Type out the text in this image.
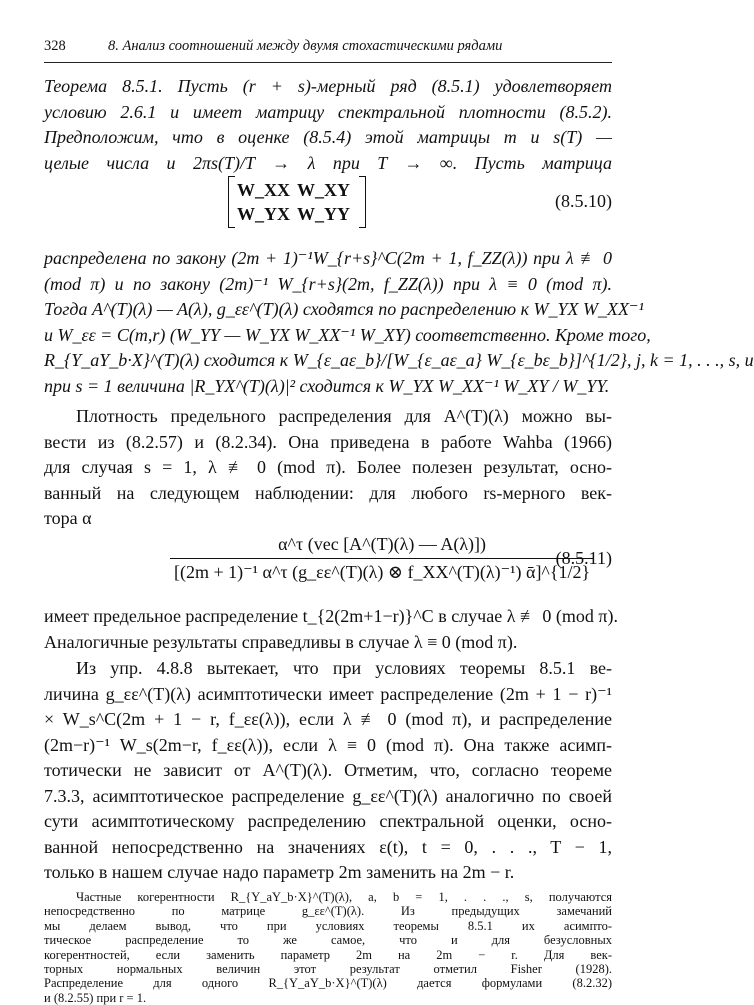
328	8. Анализ соотношений между двумя стохастическими рядами
Теорема 8.5.1. Пусть (r + s)-мерный ряд (8.5.1) удовлетворяет
условию 2.6.1 и имеет матрицу спектральной плотности (8.5.2).
Предположим, что в оценке (8.5.4) этой матрицы m и s(T) —
целые числа и 2πs(T)/T → λ при T → ∞. Пусть матрица
W_XX W_XY
W_YX W_YY
(8.5.10)
распределена по закону (2m + 1)⁻¹W_{r+s}^C(2m + 1, f_ZZ(λ)) при λ ≢ 0
(mod π) и по закону (2m)⁻¹ W_{r+s}(2m, f_ZZ(λ)) при λ ≡ 0 (mod π).
Тогда A^(T)(λ) — A(λ), g_εε^(T)(λ) сходятся по распределению к W_YX W_XX⁻¹
и W_εε = C(m,r) (W_YY — W_YX W_XX⁻¹ W_XY) соответственно. Кроме того,
R_{Y_aY_b·X}^(T)(λ) сходится к W_{ε_aε_b}/[W_{ε_aε_a} W_{ε_bε_b}]^{1/2}, j, k = 1, . . ., s, и
при s = 1 величина |R_YX^(T)(λ)|² сходится к W_YX W_XX⁻¹ W_XY / W_YY.
Плотность предельного распределения для A^(T)(λ) можно вы-
вести из (8.2.57) и (8.2.34). Она приведена в работе Wahba (1966)
для случая s = 1, λ ≢ 0 (mod π). Более полезен результат, осно-
ванный на следующем наблюдении: для любого rs-мерного век-
тора α
$\frac{\text{α\textasciicircum{}τ (vec [A\textasciicircum{}(T)(λ) — A(λ)])}}{\text{[(2m + 1)⁻¹ α\textasciicircum{}τ (g\_εε\textasciicircum{}(T)(λ) ⊗ f\_XX\textasciicircum{}(T)(λ)⁻¹) ᾱ]\textasciicircum{}\{1/2\}}}$
(8.5.11)
имеет предельное распределение t_{2(2m+1−r)}^C в случае λ ≢ 0 (mod π).
Аналогичные результаты справедливы в случае λ ≡ 0 (mod π).
Из упр. 4.8.8 вытекает, что при условиях теоремы 8.5.1 ве-
личина g_εε^(T)(λ) асимптотически имеет распределение (2m + 1 − r)⁻¹
× W_s^C(2m + 1 − r, f_εε(λ)), если λ ≢ 0 (mod π), и распределение
(2m−r)⁻¹ W_s(2m−r, f_εε(λ)), если λ ≡ 0 (mod π). Она также асимп-
тотически не зависит от A^(T)(λ). Отметим, что, согласно теореме
7.3.3, асимптотическое распределение g_εε^(T)(λ) аналогично по своей
сути асимптотическому распределению спектральной оценки, осно-
ванной непосредственно на значениях ε(t), t = 0, . . ., T − 1,
только в нашем случае надо параметр 2m заменить на 2m − r.
Частные когерентности R_{Y_aY_b·X}^(T)(λ), a, b = 1, . . ., s, получаются
непосредственно по матрице g_εε^(T)(λ). Из предыдущих замечаний
мы делаем вывод, что при условиях теоремы 8.5.1 их асимпто-
тическое распределение то же самое, что и для безусловных
когерентностей, если заменить параметр 2m на 2m − r. Для век-
торных нормальных величин этот результат отметил Fisher (1928).
Распределение для одного R_{Y_aY_b·X}^(T)(λ) дается формулами (8.2.32)
и (8.2.55) при r = 1.
